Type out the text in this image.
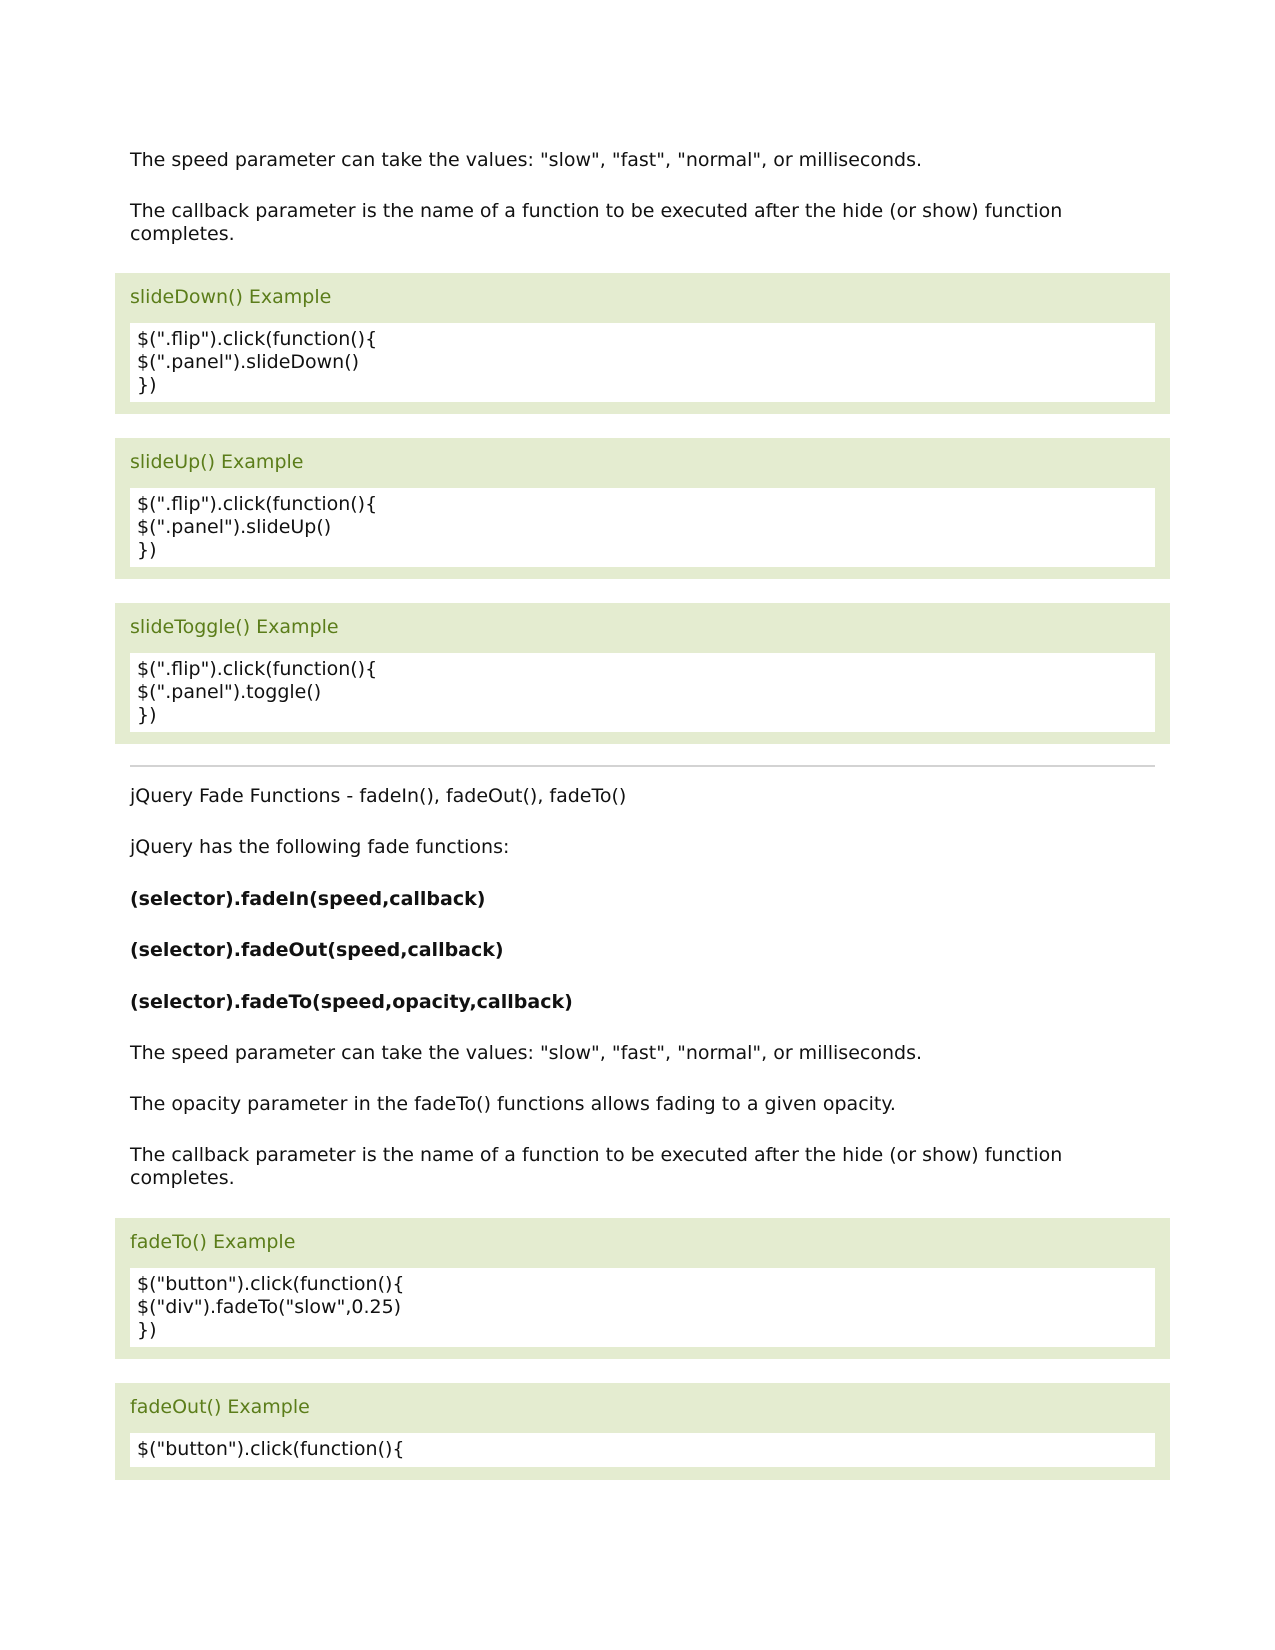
The speed parameter can take the values: "slow", "fast", "normal", or milliseconds.

The callback parameter is the name of a function to be executed after the hide (or show) function completes.

slideDown() Example
$(".flip").click(function(){
$(".panel").slideDown()
})
slideUp() Example
$(".flip").click(function(){
$(".panel").slideUp()
})
slideToggle() Example
$(".flip").click(function(){
$(".panel").toggle()
})

jQuery Fade Functions - fadeIn(), fadeOut(), fadeTo()

jQuery has the following fade functions:

(selector).fadeIn(speed,callback)

(selector).fadeOut(speed,callback)

(selector).fadeTo(speed,opacity,callback)

The speed parameter can take the values: "slow", "fast", "normal", or milliseconds.

The opacity parameter in the fadeTo() functions allows fading to a given opacity.

The callback parameter is the name of a function to be executed after the hide (or show) function completes.

fadeTo() Example
$("button").click(function(){
$("div").fadeTo("slow",0.25)
})
fadeOut() Example
$("button").click(function(){
